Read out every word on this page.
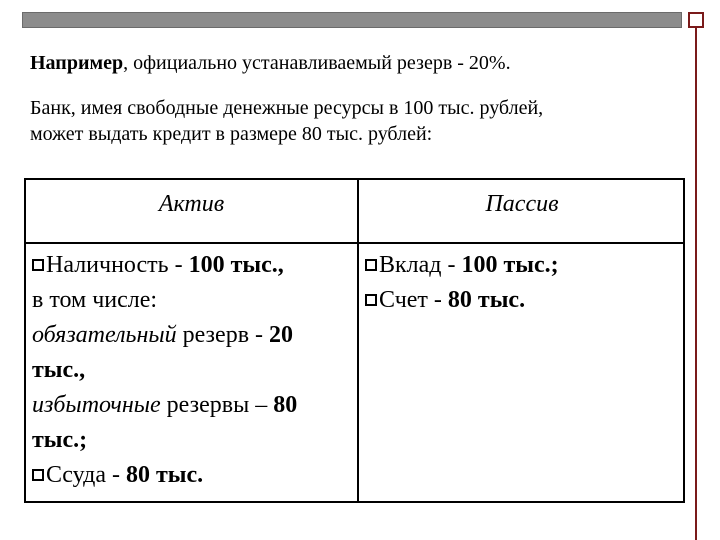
Например, официально устанавливаемый резерв - 20%.
Банк, имея свободные денежные ресурсы в 100 тыс. рублей,
может выдать кредит в размере 80 тыс. рублей:
Актив	Пассив
Наличность - 100 тыс.,
в том числе:
обязательный резерв - 20
тыс.,
избыточные резервы – 80
тыс.;
Ссуда - 80 тыс.
Вклад - 100 тыс.;
Счет - 80 тыс.
